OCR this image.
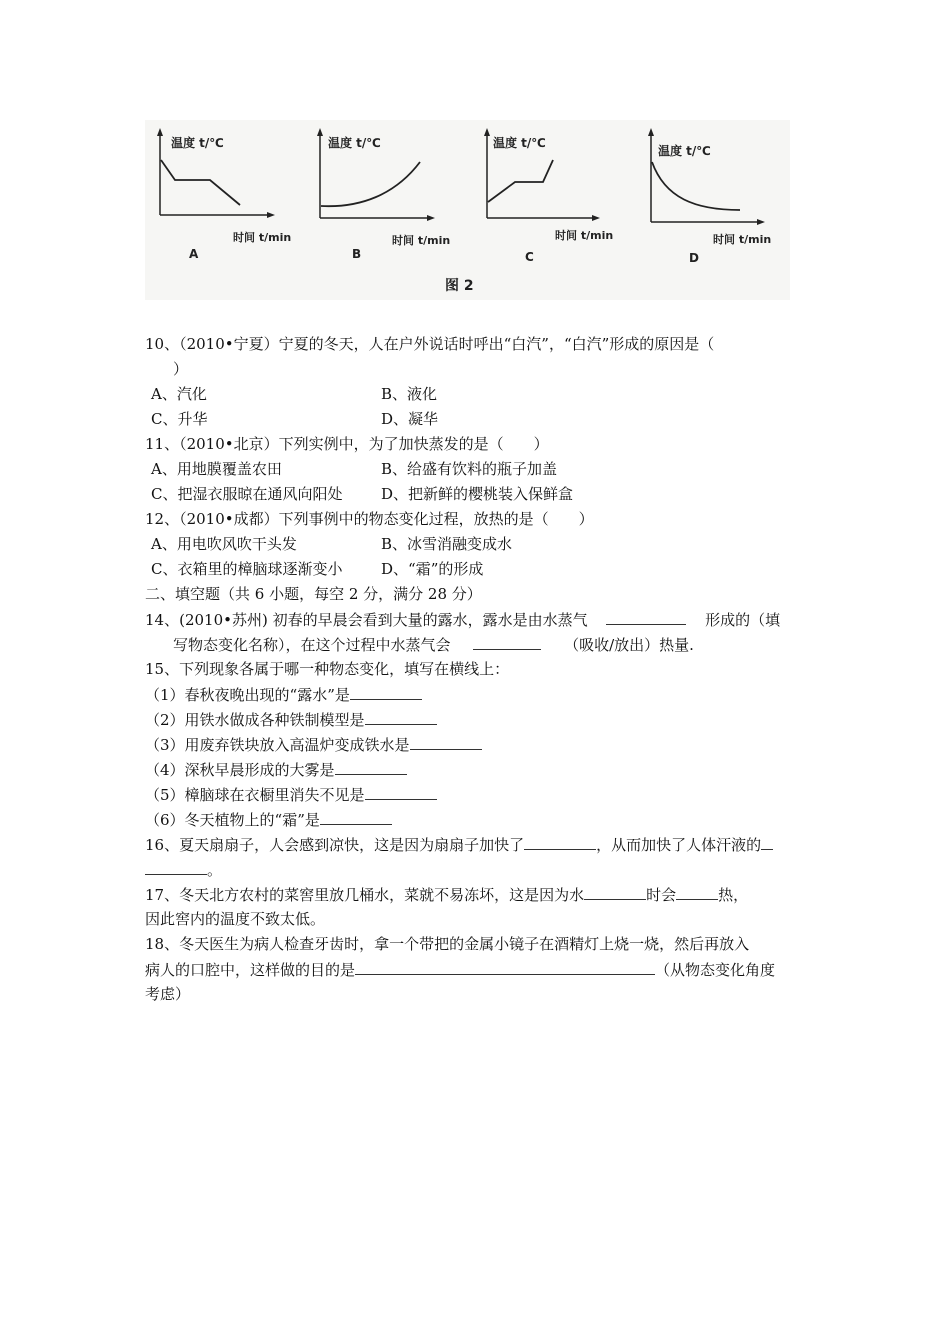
温度 t/℃
时间 t/min
A
温度 t/℃
时间 t/min
B
温度 t/℃
时间 t/min
C
温度 t/℃
时间 t/min
D
图 2
10、（2010•宁夏）宁夏的冬天，人在户外说话时呼出“白汽”，“白汽”形成的原因是（
）
A、汽化	B、液化
C、升华	D、凝华
11、（2010•北京）下列实例中，为了加快蒸发的是（　　）
A、用地膜覆盖农田	B、给盛有饮料的瓶子加盖
C、把湿衣服晾在通风向阳处	D、把新鲜的樱桃装入保鲜盒
12、（2010•成都）下列事例中的物态变化过程，放热的是（　　）
A、用电吹风吹干头发	B、冰雪消融变成水
C、衣箱里的樟脑球逐渐变小	D、“霜”的形成
二、填空题（共 6 小题，每空 2 分，满分 28 分）
14、(2010•苏州) 初春的早晨会看到大量的露水，露水是由水蒸气	形成的（填
写物态变化名称），在这个过程中水蒸气会	（吸收/放出）热量.
15、下列现象各属于哪一种物态变化，填写在横线上：
（1）春秋夜晚出现的“露水”是
（2）用铁水做成各种铁制模型是
（3）用废弃铁块放入高温炉变成铁水是
（4）深秋早晨形成的大雾是
（5）樟脑球在衣橱里消失不见是
（6）冬天植物上的“霜”是
16、夏天扇扇子，人会感到凉快，这是因为扇扇子加快了	，从而加快了人体汗液的
。
17、冬天北方农村的菜窖里放几桶水，菜就不易冻坏，这是因为水	时会	热，
因此窖内的温度不致太低。
18、冬天医生为病人检查牙齿时，拿一个带把的金属小镜子在酒精灯上烧一烧，然后再放入
病人的口腔中，这样做的目的是	（从物态变化角度
考虑）
